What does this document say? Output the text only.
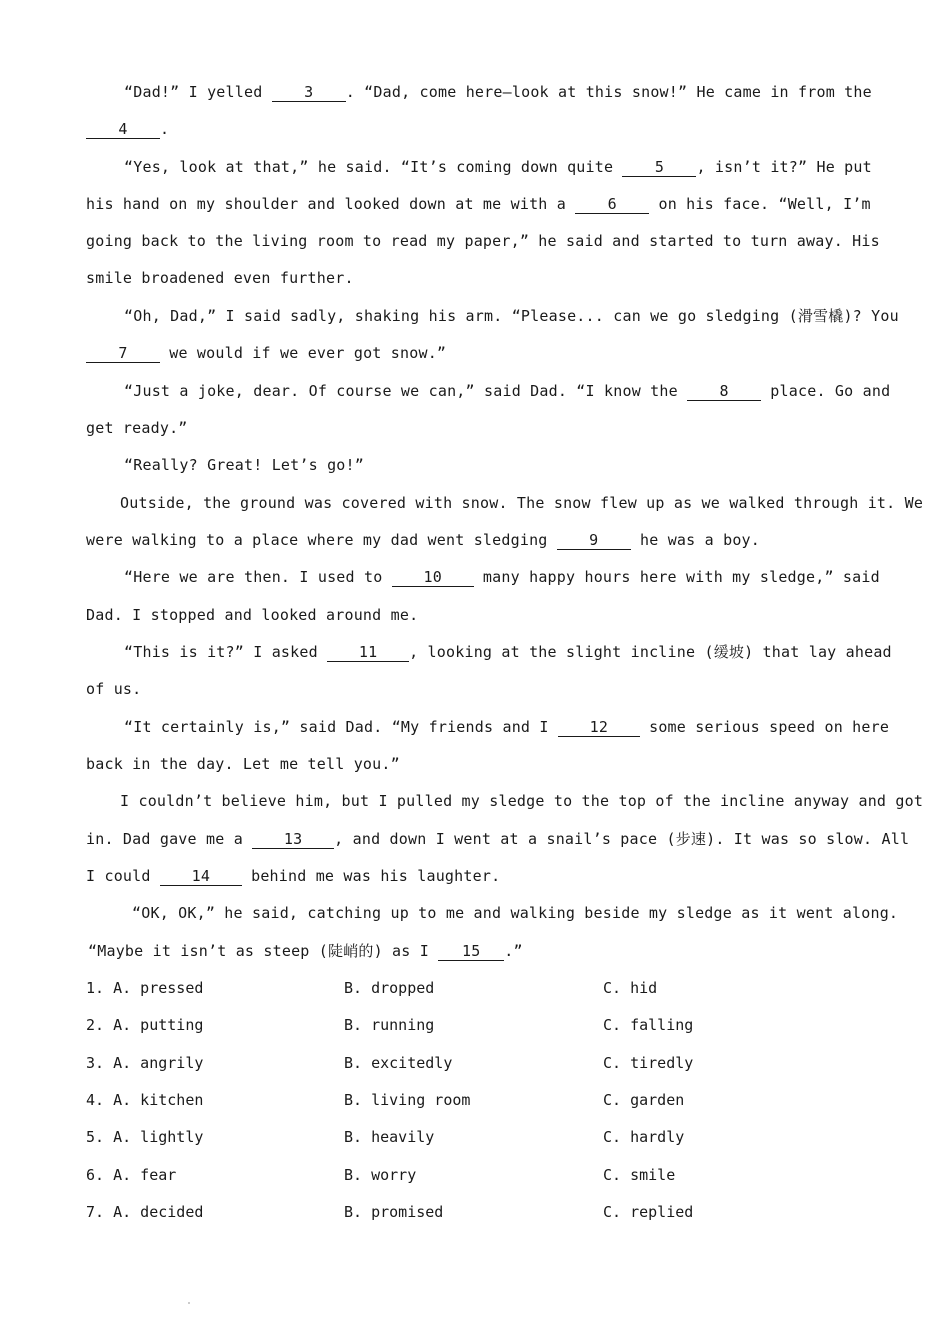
“Dad!” I yelled 3 . “Dad, come here—look at this snow!” He came in from the
4 .
“Yes, look at that,” he said. “It’s coming down quite 5 , isn’t it?” He put
his hand on my shoulder and looked down at me with a 6 on his face. “Well, I’m
going back to the living room to read my paper,” he said and started to turn away. His
smile broadened even further.
“Oh, Dad,” I said sadly, shaking his arm. “Please... can we go sledging (滑雪橇)? You
7 we would if we ever got snow.”
“Just a joke, dear. Of course we can,” said Dad. “I know the 8 place. Go and
get ready.”
“Really? Great! Let’s go!”
Outside, the ground was covered with snow. The snow flew up as we walked through it. We
were walking to a place where my dad went sledging 9 he was a boy.
“Here we are then. I used to 10 many happy hours here with my sledge,” said
Dad. I stopped and looked around me.
“This is it?” I asked 11 , looking at the slight incline (缓坡) that lay ahead
of us.
“It certainly is,” said Dad. “My friends and I 12 some serious speed on here
back in the day. Let me tell you.”
I couldn’t believe him, but I pulled my sledge to the top of the incline anyway and got
in. Dad gave me a 13 , and down I went at a snail’s pace (步速). It was so slow. All
I could 14 behind me was his laughter.
“OK, OK,” he said, catching up to me and walking beside my sledge as it went along.
“Maybe it isn’t as steep (陡峭的) as I 15 .”
1. A. pressed	B. dropped	C. hid
2. A. putting	B. running	C. falling
3. A. angrily	B. excitedly	C. tiredly
4. A. kitchen	B. living room	C. garden
5. A. lightly	B. heavily	C. hardly
6. A. fear	B. worry	C. smile
7. A. decided	B. promised	C. replied
